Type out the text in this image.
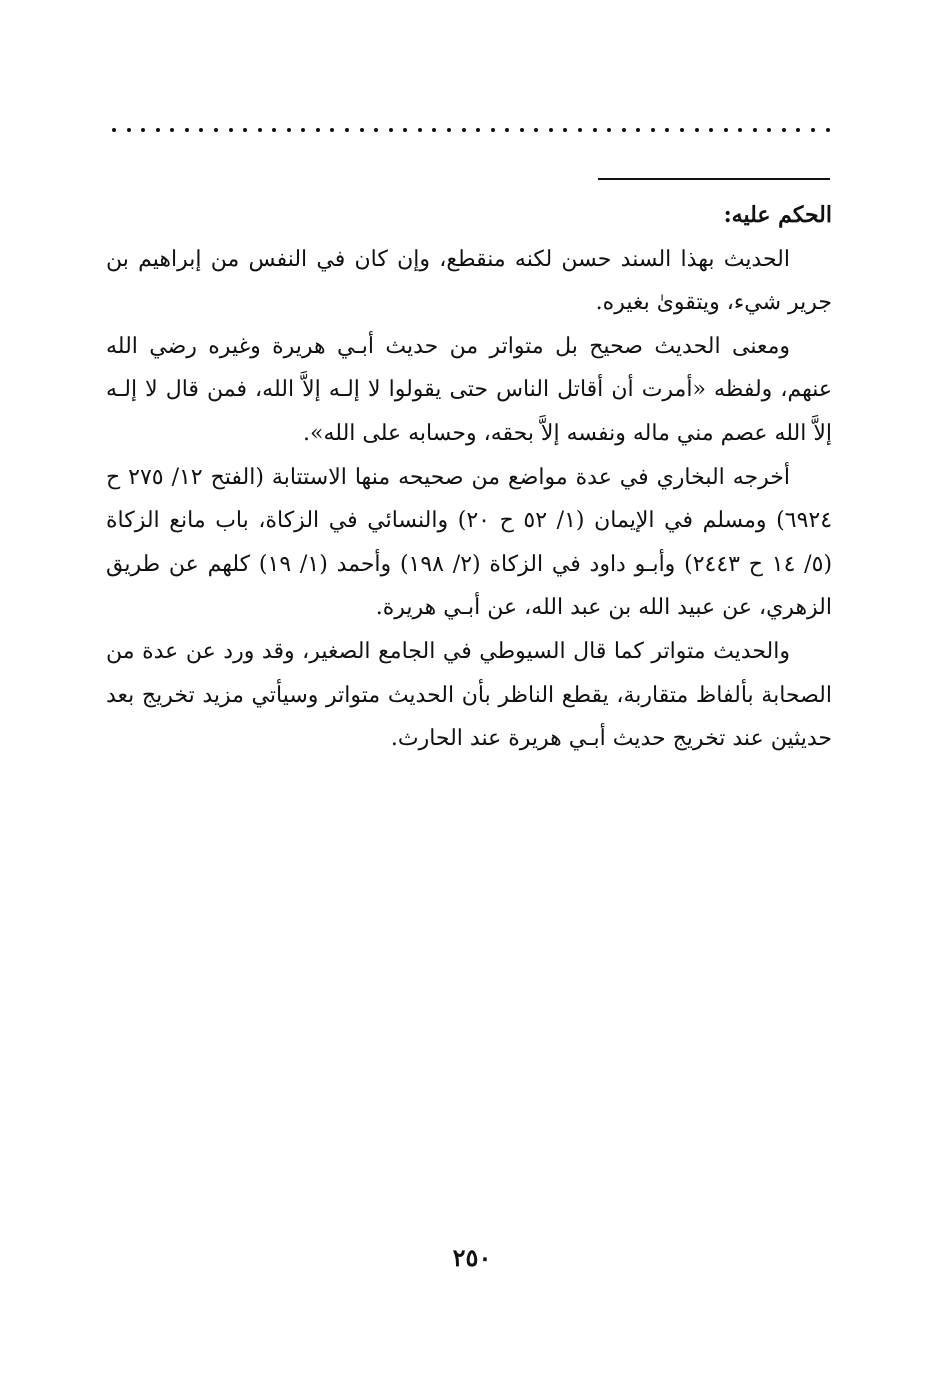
الحكم عليه:

الحديث بهذا السند حسن لكنه منقطع، وإن كان في النفس من إبراهيم بن جرير شيء، ويتقوىٰ بغيره.

ومعنى الحديث صحيح بل متواتر من حديث أبـي هريرة وغيره رضي الله عنهم، ولفظه «أمرت أن أقاتل الناس حتى يقولوا لا إلـه إلاَّ الله، فمن قال لا إلـه إلاَّ الله عصم مني ماله ونفسه إلاَّ بحقه، وحسابه على الله».

أخرجه البخاري في عدة مواضع من صحيحه منها الاستتابة (الفتح ١٢/ ٢٧٥ ح ٦٩٢٤) ومسلم في الإيمان (١/ ٥٢ ح ٢٠) والنسائي في الزكاة، باب مانع الزكاة (٥/ ١٤ ح ٢٤٤٣) وأبـو داود في الزكاة (٢/ ١٩٨) وأحمد (١/ ١٩) كلهم عن طريق الزهري، عن عبيد الله بن عبد الله، عن أبـي هريرة.

والحديث متواتر كما قال السيوطي في الجامع الصغير، وقد ورد عن عدة من الصحابة بألفاظ متقاربة، يقطع الناظر بأن الحديث متواتر وسيأتي مزيد تخريج بعد حديثين عند تخريج حديث أبـي هريرة عند الحارث.

٢٥٠
